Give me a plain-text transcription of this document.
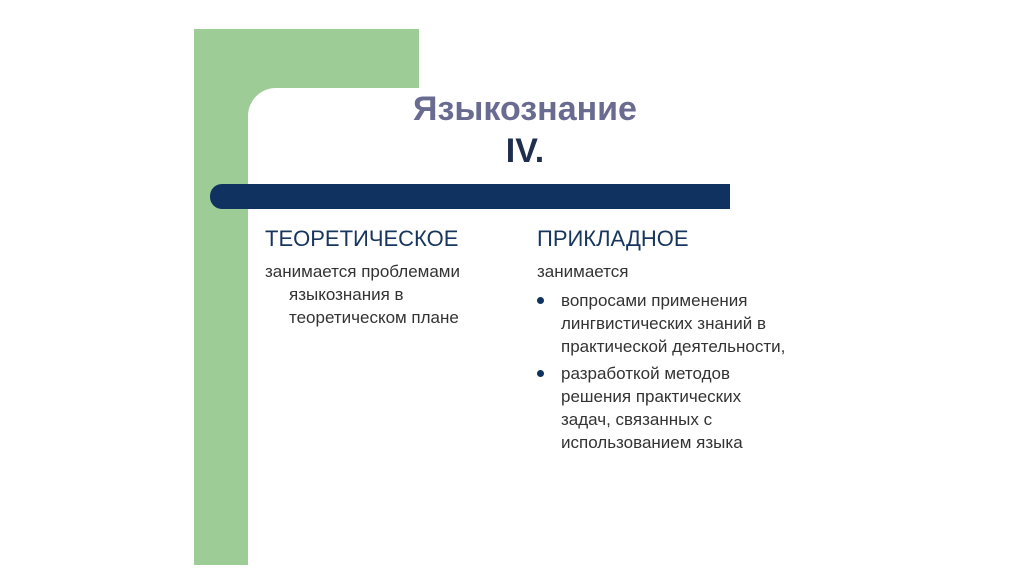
Языкознание
IV.
ТЕОРЕТИЧЕСКОЕ
занимается проблемами языкознания в теоретическом плане
ПРИКЛАДНОЕ
занимается
вопросами применения лингвистических знаний в практической деятельности,
разработкой методов решения практических задач, связанных с использованием языка
